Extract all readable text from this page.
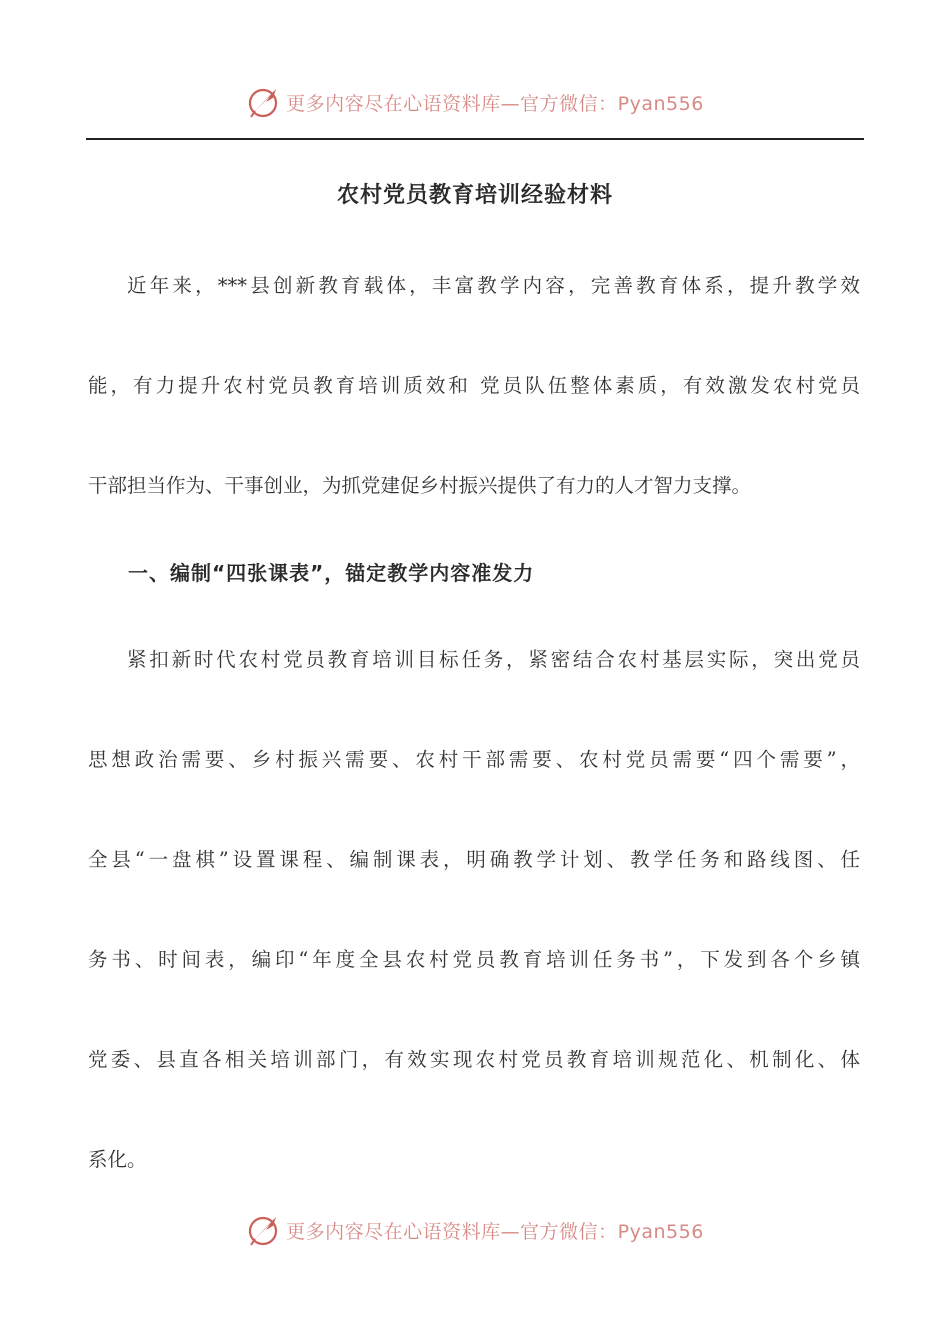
更多内容尽在心语资料库—官方微信：Pyan556
农村党员教育培训经验材料
近年来，***县创新教育载体，丰富教学内容，完善教育体系，提升教学效
能，有力提升农村党员教育培训质效和 党员队伍整体素质，有效激发农村党员
干部担当作为、干事创业，为抓党建促乡村振兴提供了有力的人才智力支撑。
一、编制“四张课表”，锚定教学内容准发力
紧扣新时代农村党员教育培训目标任务，紧密结合农村基层实际，突出党员
思想政治需要、乡村振兴需要、农村干部需要、农村党员需要“四个需要”，
全县“一盘棋”设置课程、编制课表，明确教学计划、教学任务和路线图、任
务书、时间表，编印“年度全县农村党员教育培训任务书”，下发到各个乡镇
党委、县直各相关培训部门，有效实现农村党员教育培训规范化、机制化、体
系化。
更多内容尽在心语资料库—官方微信：Pyan556
